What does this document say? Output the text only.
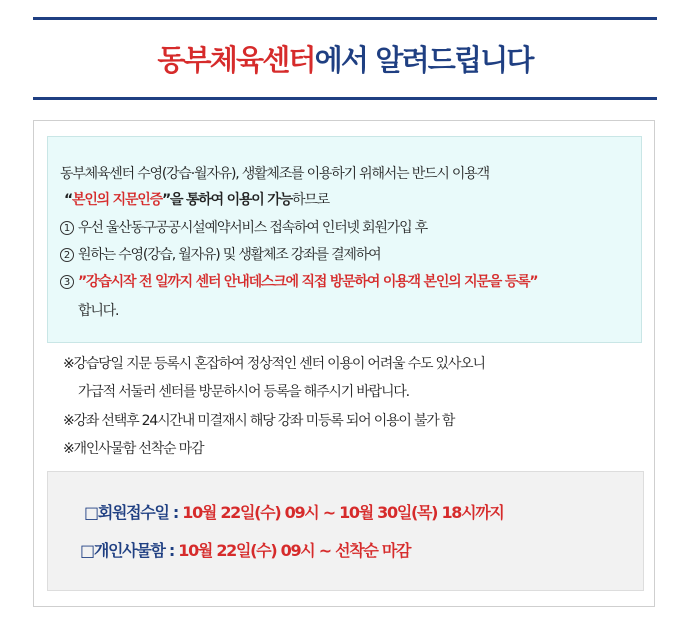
동부체육센터에서 알려드립니다
동부체육센터 수영(강습·월자유), 생활체조를 이용하기 위해서는 반드시 이용객
“본인의 지문인증”을 통하여 이용이 가능하므로
1 우선 울산동구공공시설예약서비스 접속하여 인터넷 회원가입 후
2 원하는 수영(강습, 월자유) 및 생활체조 강좌를 결제하여
3 ”강습시작 전 일까지 센터 안내데스크에 직접 방문하여 이용객 본인의 지문을 등록”
합니다.
※강습당일 지문 등록시 혼잡하여 정상적인 센터 이용이 어려울 수도 있사오니
가급적 서둘러 센터를 방문하시어 등록을 해주시기 바랍니다.
※강좌 선택후 24시간내 미결재시 해당 강좌 미등록 되어 이용이 불가 함
※개인사물함 선착순 마감
□회원접수일 : 10월 22일(수) 09시 ~ 10월 30일(목) 18시까지
□개인사물함 : 10월 22일(수) 09시 ~ 선착순 마감
